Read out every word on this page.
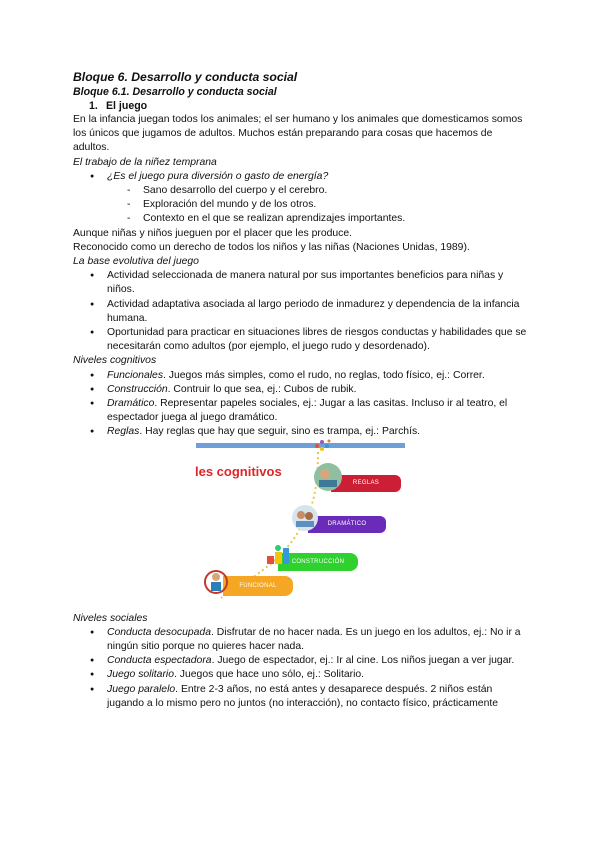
Bloque 6. Desarrollo y conducta social
Bloque 6.1. Desarrollo y conducta social
1. El juego

En la infancia juegan todos los animales; el ser humano y los animales que domesticamos somos los únicos que jugamos de adultos. Muchos están preparando para cosas que hacemos de adultos.

El trabajo de la niñez temprana
● ¿Es el juego pura diversión o gasto de energía?
- Sano desarrollo del cuerpo y el cerebro.
- Exploración del mundo y de los otros.
- Contexto en el que se realizan aprendizajes importantes.

Aunque niñas y niños jueguen por el placer que les produce.

Reconocido como un derecho de todos los niños y las niñas (Naciones Unidas, 1989).

La base evolutiva del juego
● Actividad seleccionada de manera natural por sus importantes beneficios para niñas y niños.
● Actividad adaptativa asociada al largo periodo de inmadurez y dependencia de la infancia humana.
● Oportunidad para practicar en situaciones libres de riesgos conductas y habilidades que se necesitarán como adultos (por ejemplo, el juego rudo y desordenado).
Niveles cognitivos
● Funcionales. Juegos más simples, como el rudo, no reglas, todo físico, ej.: Correr.
● Construcción. Contruir lo que sea, ej.: Cubos de rubik.
● Dramático. Representar papeles sociales, ej.: Jugar a las casitas. Incluso ir al teatro, el espectador juega al juego dramático.
● Reglas. Hay reglas que hay que seguir, sino es trampa, ej.: Parchís.
les cognitivos
REGLAS
DRAMÁTICO
CONSTRUCCIÓN
FUNCIONAL
Niveles sociales
● Conducta desocupada. Disfrutar de no hacer nada. Es un juego en los adultos, ej.: No ir a ningún sitio porque no quieres hacer nada.
● Conducta espectadora. Juego de espectador, ej.: Ir al cine. Los niños juegan a ver jugar.
● Juego solitario. Juegos que hace uno sólo, ej.: Solitario.
● Juego paralelo. Entre 2-3 años, no está antes y desaparece después. 2 niños están jugando a lo mismo pero no juntos (no interacción), no contacto físico, prácticamente
